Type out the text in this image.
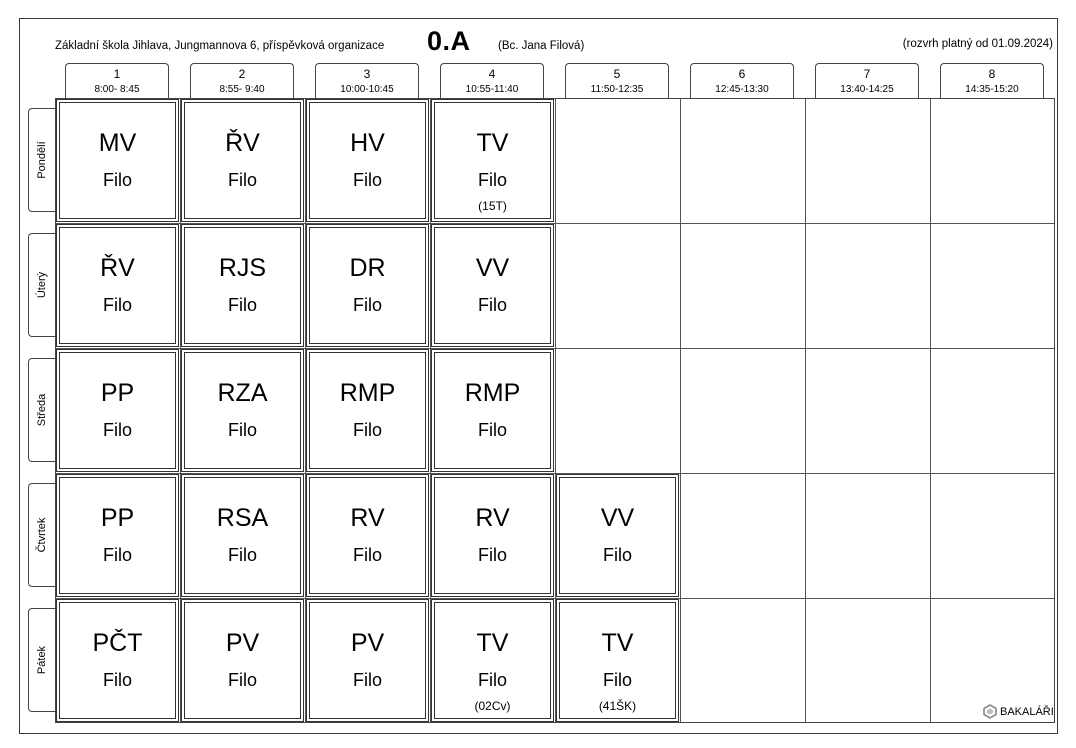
Základní škola Jihlava, Jungmannova 6, příspěvková organizace 0.A (Bc. Jana Filová)	(rozvrh platný od 01.09.2024)
1
8:00- 8:45
2
8:55- 9:40
3
10:00-10:45
4
10:55-11:40
5
11:50-12:35
6
12:45-13:30
7
13:40-14:25
8
14:35-15:20
Pondělí
Úterý
Středa
Čtvrtek
Pátek
MV
Filo
ŘV
Filo
HV
Filo
TV
Filo
(15T)
ŘV
Filo
RJS
Filo
DR
Filo
VV
Filo
PP
Filo
RZA
Filo
RMP
Filo
RMP
Filo
PP
Filo
RSA
Filo
RV
Filo
RV
Filo
VV
Filo
PČT
Filo
PV
Filo
PV
Filo
TV
Filo
(02Cv)
TV
Filo
(41ŠK)	BAKALÁŘI
